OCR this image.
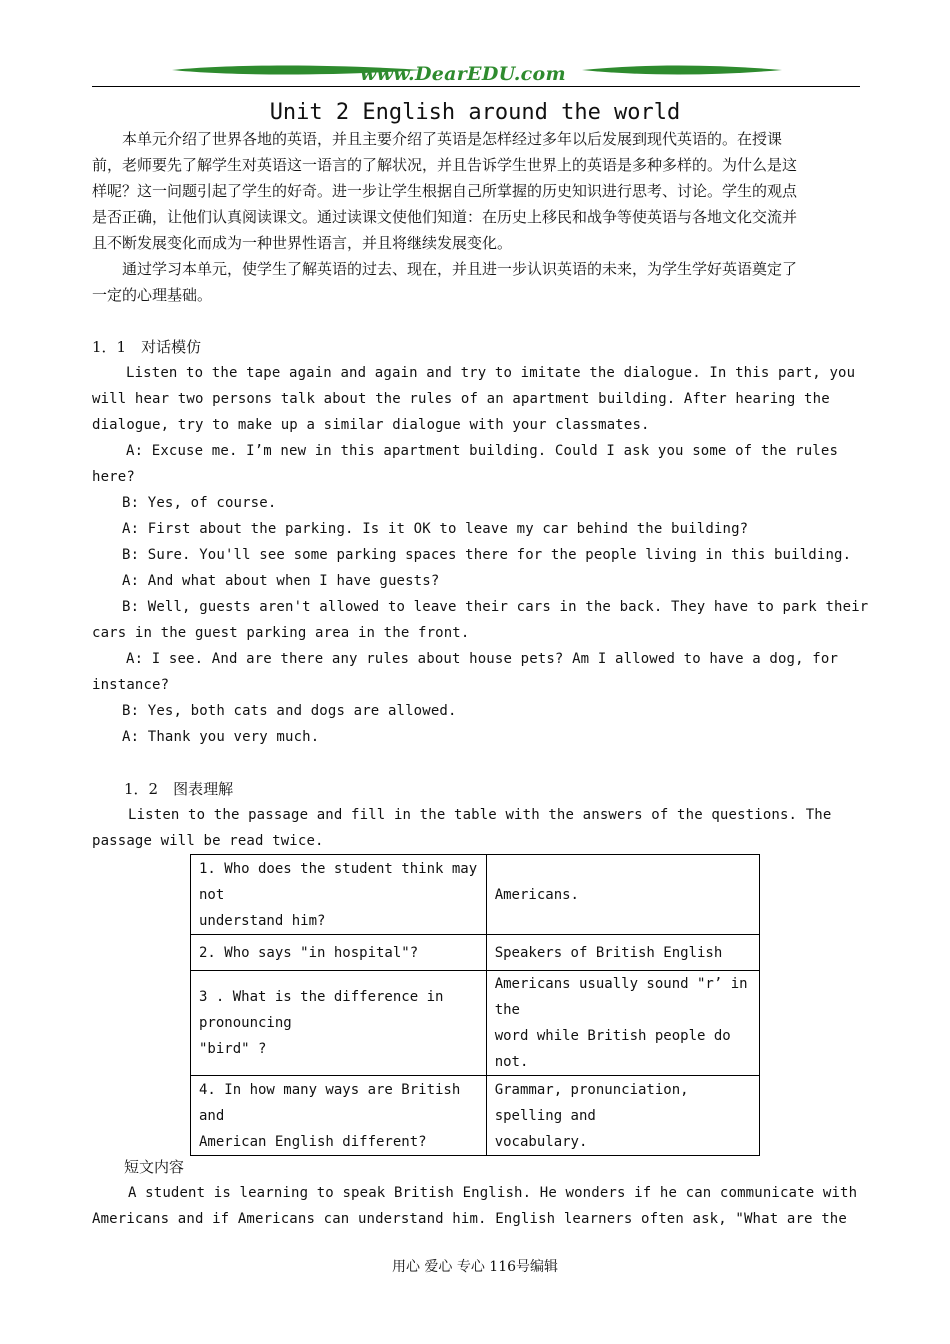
www.DearEDU.com
Unit 2 English around the world
本单元介绍了世界各地的英语，并且主要介绍了英语是怎样经过多年以后发展到现代英语的。在授课
前，老师要先了解学生对英语这一语言的了解状况，并且告诉学生世界上的英语是多种多样的。为什么是这
样呢？这一问题引起了学生的好奇。进一步让学生根据自己所掌握的历史知识进行思考、讨论。学生的观点
是否正确，让他们认真阅读课文。通过读课文使他们知道：在历史上移民和战争等使英语与各地文化交流并
且不断发展变化而成为一种世界性语言，并且将继续发展变化。
通过学习本单元，使学生了解英语的过去、现在，并且进一步认识英语的未来，为学生学好英语奠定了
一定的心理基础。
1．1　对话模仿
Listen to the tape again and again and try to imitate the dialogue. In this part, you
will hear two persons talk about the rules of an apartment building. After hearing the
dialogue, try to make up a similar dialogue with your classmates.
A: Excuse me. I’m new in this apartment building. Could I ask you some of the rules
here?
B: Yes, of course.
A: First about the parking. Is it OK to leave my car behind the building?
B: Sure. You'll see some parking spaces there for the people living in this building.
A: And what about when I have guests?
B: Well, guests aren't allowed to leave their cars in the back. They have to park their
cars in the guest parking area in the front.
A: I see. And are there any rules about house pets? Am I allowed to have a dog, for
instance?
B: Yes, both cats and dogs are allowed.
A: Thank you very much.
1．2　图表理解
Listen to the passage and fill in the table with the answers of the questions. The
passage will be read twice.
1. Who does the student think may
not
understand him?	Americans.

2. Who says "in hospital"?	Speakers of British English

3 . What is the difference in
pronouncing
"bird" ?	Americans usually sound "r’ in
the
word while British people do
not.

4. In how many ways are British
and
American English different?	Grammar, pronunciation,
spelling and
vocabulary.
短文内容
A student is learning to speak British English. He wonders if he can communicate with
Americans and if Americans can understand him. English learners often ask, "What are the
用心 爱心 专心 116号编辑
